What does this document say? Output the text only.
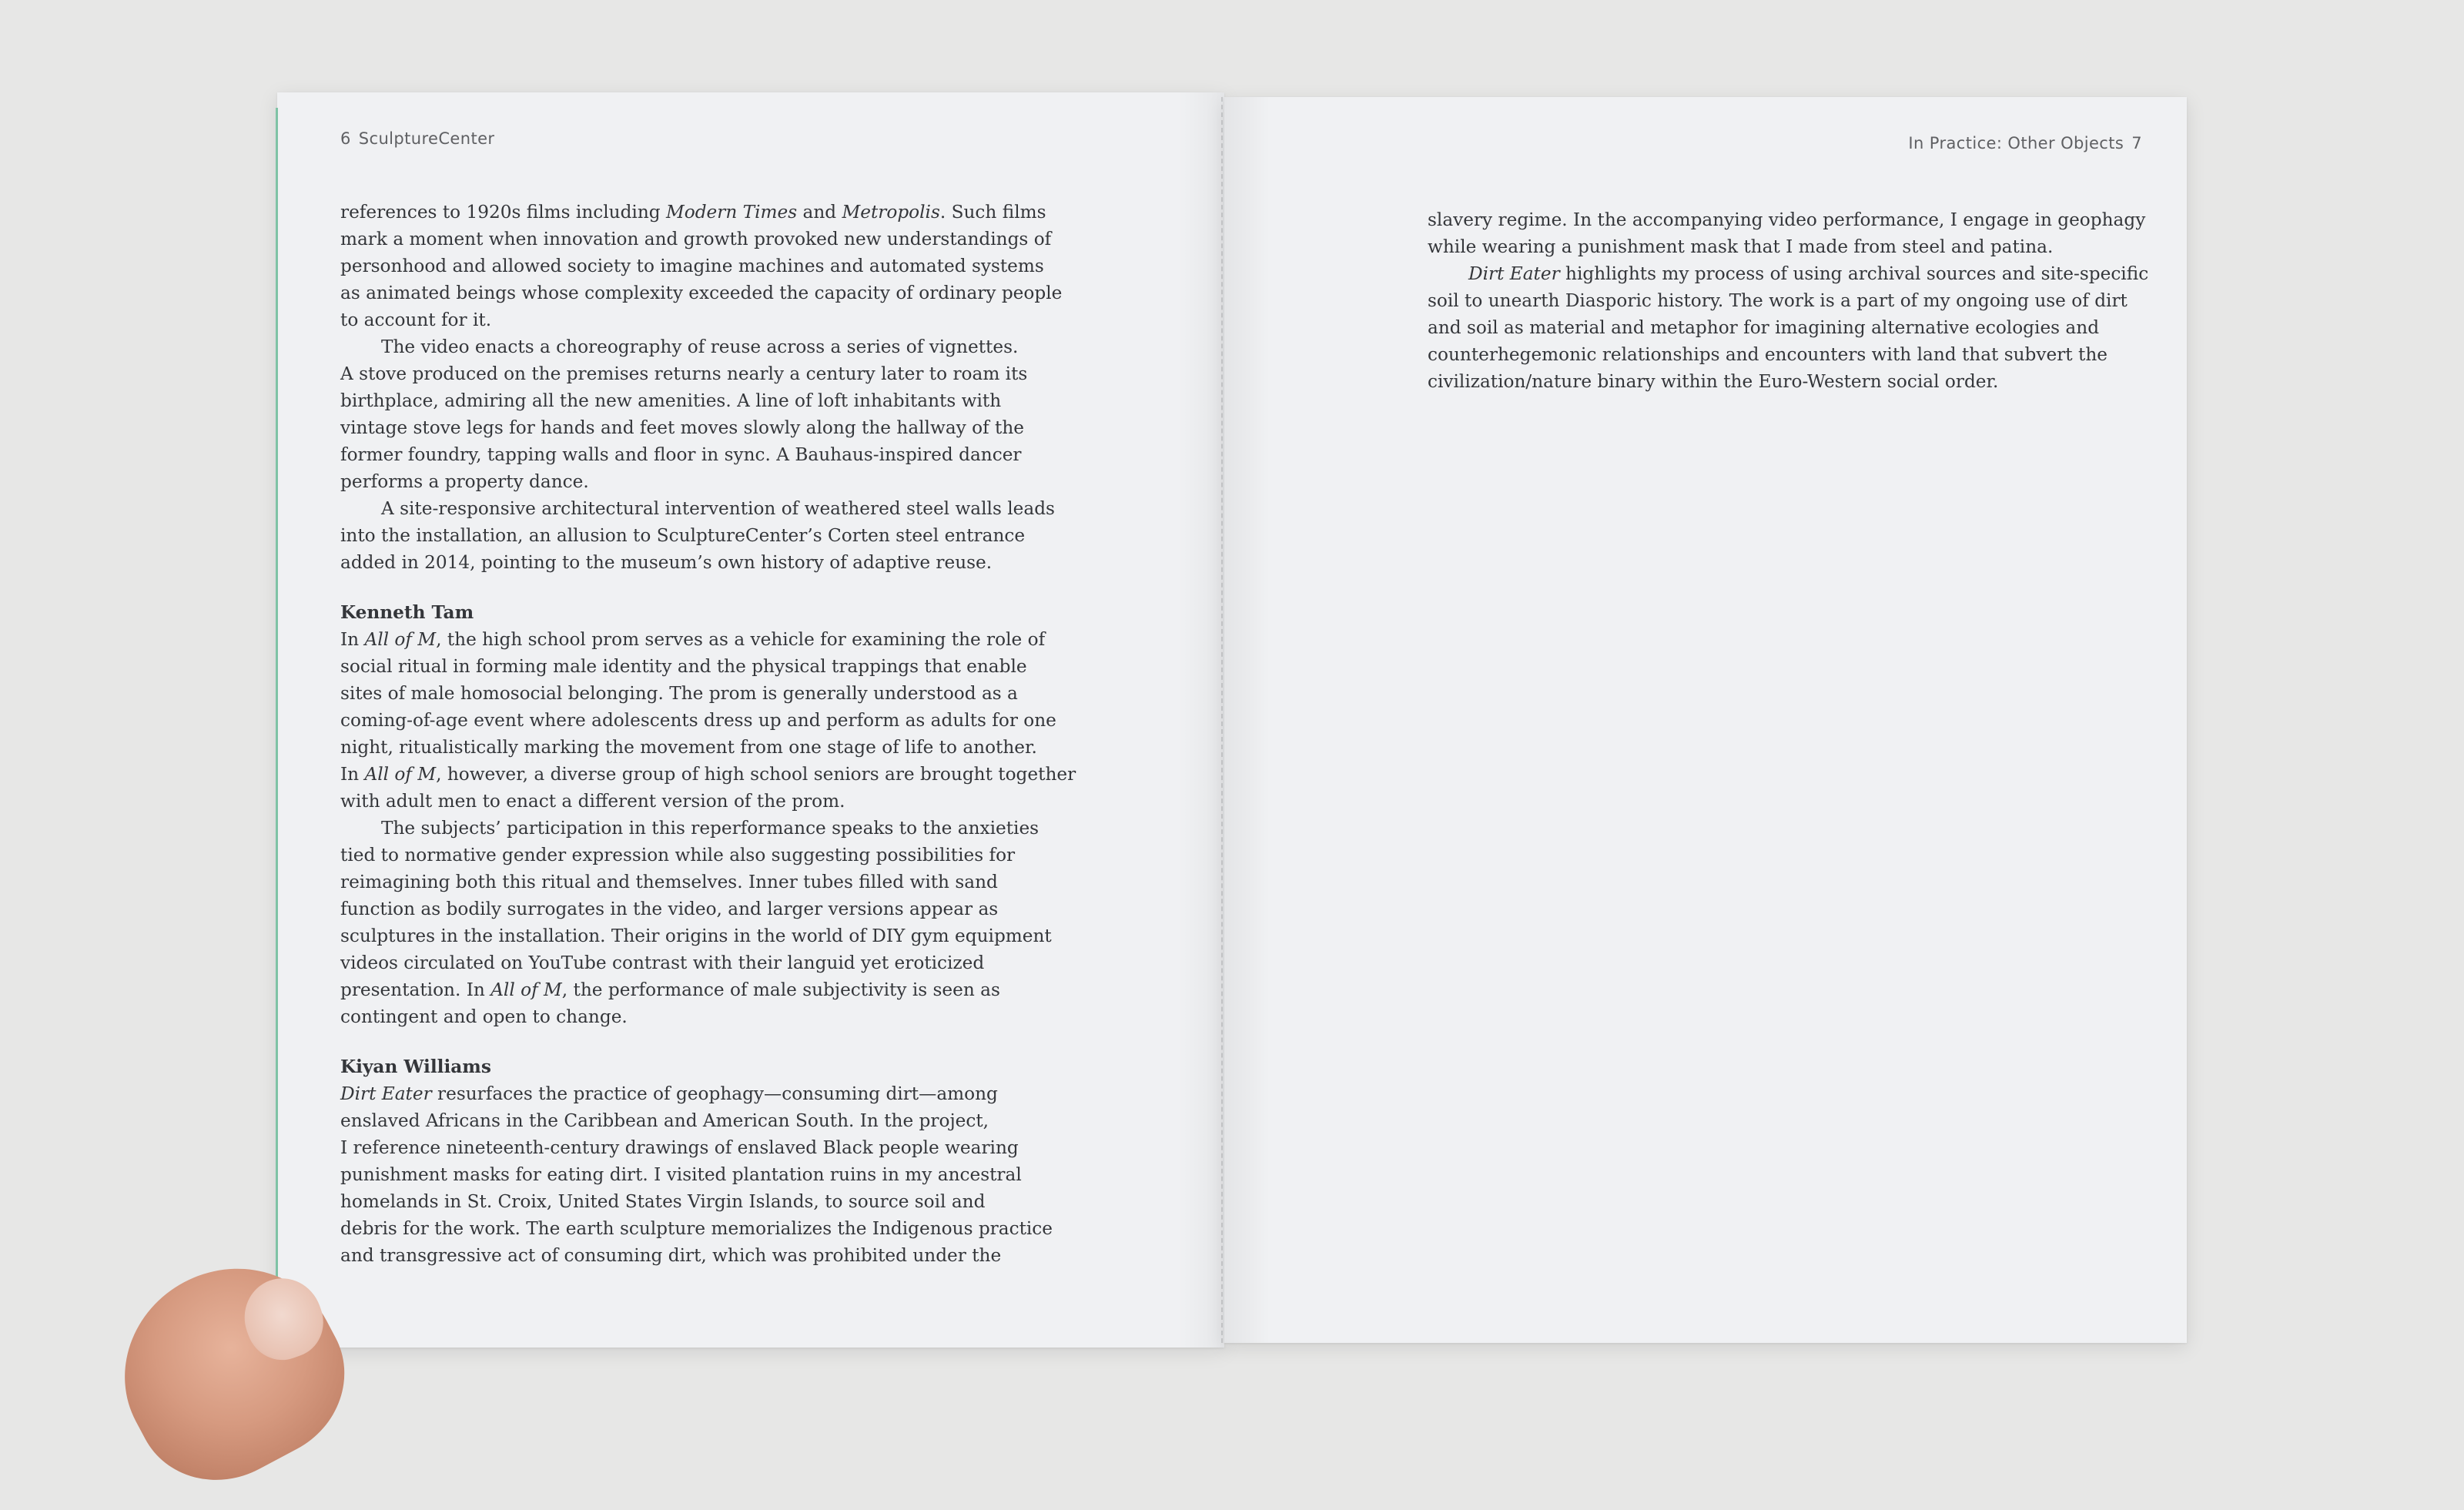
6 SculptureCenter
references to 1920s films including Modern Times and Metropolis. Such films
mark a moment when innovation and growth provoked new understandings of
personhood and allowed society to imagine machines and automated systems
as animated beings whose complexity exceeded the capacity of ordinary people
to account for it.
The video enacts a choreography of reuse across a series of vignettes.
A stove produced on the premises returns nearly a century later to roam its
birthplace, admiring all the new amenities. A line of loft inhabitants with
vintage stove legs for hands and feet moves slowly along the hallway of the
former foundry, tapping walls and floor in sync. A Bauhaus-inspired dancer
performs a property dance.
A site-responsive architectural intervention of weathered steel walls leads
into the installation, an allusion to SculptureCenter’s Corten steel entrance
added in 2014, pointing to the museum’s own history of adaptive reuse.
Kenneth Tam
In All of M, the high school prom serves as a vehicle for examining the role of
social ritual in forming male identity and the physical trappings that enable
sites of male homosocial belonging. The prom is generally understood as a
coming-of-age event where adolescents dress up and perform as adults for one
night, ritualistically marking the movement from one stage of life to another.
In All of M, however, a diverse group of high school seniors are brought together
with adult men to enact a different version of the prom.
The subjects’ participation in this reperformance speaks to the anxieties
tied to normative gender expression while also suggesting possibilities for
reimagining both this ritual and themselves. Inner tubes filled with sand
function as bodily surrogates in the video, and larger versions appear as
sculptures in the installation. Their origins in the world of DIY gym equipment
videos circulated on YouTube contrast with their languid yet eroticized
presentation. In All of M, the performance of male subjectivity is seen as
contingent and open to change.
Kiyan Williams
Dirt Eater resurfaces the practice of geophagy—consuming dirt—among
enslaved Africans in the Caribbean and American South. In the project,
I reference nineteenth-century drawings of enslaved Black people wearing
punishment masks for eating dirt. I visited plantation ruins in my ancestral
homelands in St. Croix, United States Virgin Islands, to source soil and
debris for the work. The earth sculpture memorializes the Indigenous practice
and transgressive act of consuming dirt, which was prohibited under the
In Practice: Other Objects 7
slavery regime. In the accompanying video performance, I engage in geophagy
while wearing a punishment mask that I made from steel and patina.
Dirt Eater highlights my process of using archival sources and site-specific
soil to unearth Diasporic history. The work is a part of my ongoing use of dirt
and soil as material and metaphor for imagining alternative ecologies and
counterhegemonic relationships and encounters with land that subvert the
civilization/nature binary within the Euro-Western social order.
